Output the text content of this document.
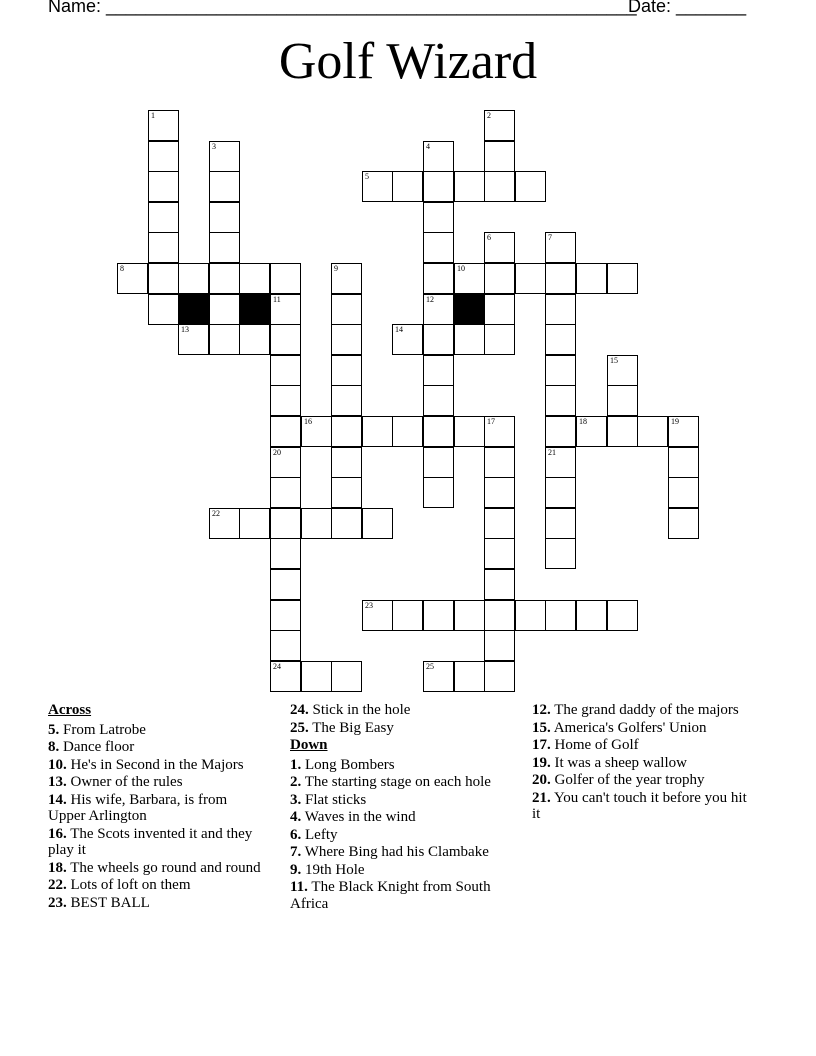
Name: _____________________________________________________
Date: _______
Golf Wizard
5
8	10
11	12
13	14
16	17	18	19
22
23
24	25
1	2
3	4
6	7
21
9
20
15
Across
5. From Latrobe
8. Dance floor
10. He's in Second in the Majors
13. Owner of the rules
14. His wife, Barbara, is from Upper Arlington
16. The Scots invented it and they play it
18. The wheels go round and round
22. Lots of loft on them
23. BEST BALL
24. Stick in the hole
25. The Big Easy
Down
1. Long Bombers
2. The starting stage on each hole
3. Flat sticks
4. Waves in the wind
6. Lefty
7. Where Bing had his Clambake
9. 19th Hole
11. The Black Knight from South Africa
12. The grand daddy of the majors
15. America's Golfers' Union
17. Home of Golf
19. It was a sheep wallow
20. Golfer of the year trophy
21. You can't touch it before you hit it
